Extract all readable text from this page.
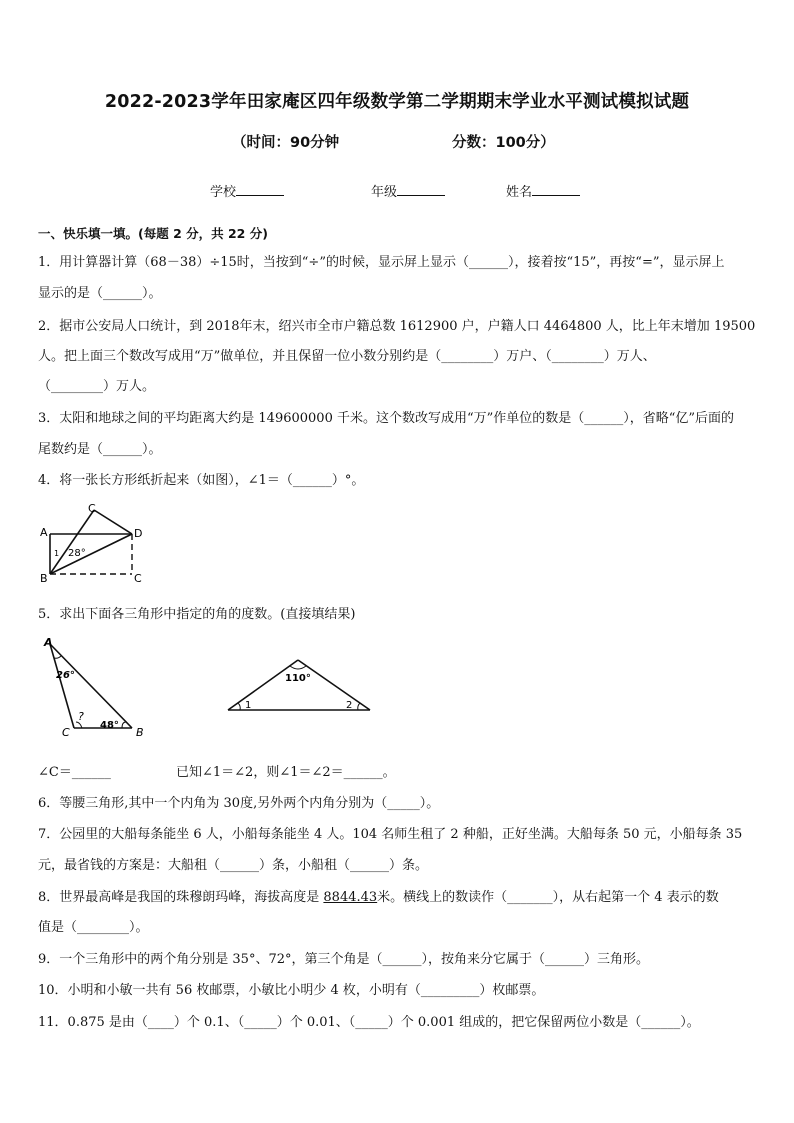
2022-2023学年田家庵区四年级数学第二学期期末学业水平测试模拟试题
（时间：90分钟	分数：100分）
学校	年级	姓名
一、快乐填一填。(每题 2 分，共 22 分)
1．用计算器计算（68－38）÷15时，当按到“÷”的时候，显示屏上显示（______），接着按“15”，再按“=”，显示屏上
显示的是（______）。
2．据市公安局人口统计，到 2018年末，绍兴市全市户籍总数 1612900 户，户籍人口 4464800 人，比上年末增加 19500
人。把上面三个数改写成用“万”做单位，并且保留一位小数分别约是（________）万户、（________）万人、
（________）万人。
3．太阳和地球之间的平均距离大约是 149600000 千米。这个数改写成用“万”作单位的数是（______），省略“亿”后面的
尾数约是（______）。
4．将一张长方形纸折起来（如图），∠1＝（______）°。
A
B
C
D
C
1 28°
5．求出下面各三角形中指定的角的度数。(直接填结果)
A
B
C
26°
48°
?
110°
1	2
∠C＝______	已知∠1＝∠2，则∠1＝∠2＝______。
6．等腰三角形,其中一个内角为 30度,另外两个内角分别为（_____）。
7．公园里的大船每条能坐 6 人，小船每条能坐 4 人。104 名师生租了 2 种船，正好坐满。大船每条 50 元，小船每条 35
元，最省钱的方案是：大船租（______）条，小船租（______）条。
8．世界最高峰是我国的珠穆朗玛峰，海拔高度是 8844.43米。横线上的数读作（_______），从右起第一个 4 表示的数
值是（________）。
9．一个三角形中的两个角分别是 35°、72°，第三个角是（______），按角来分它属于（______）三角形。
10．小明和小敏一共有 56 枚邮票，小敏比小明少 4 枚，小明有（_________）枚邮票。
11．0.875 是由（____）个 0.1、（_____）个 0.01、（_____）个 0.001 组成的，把它保留两位小数是（______）。
